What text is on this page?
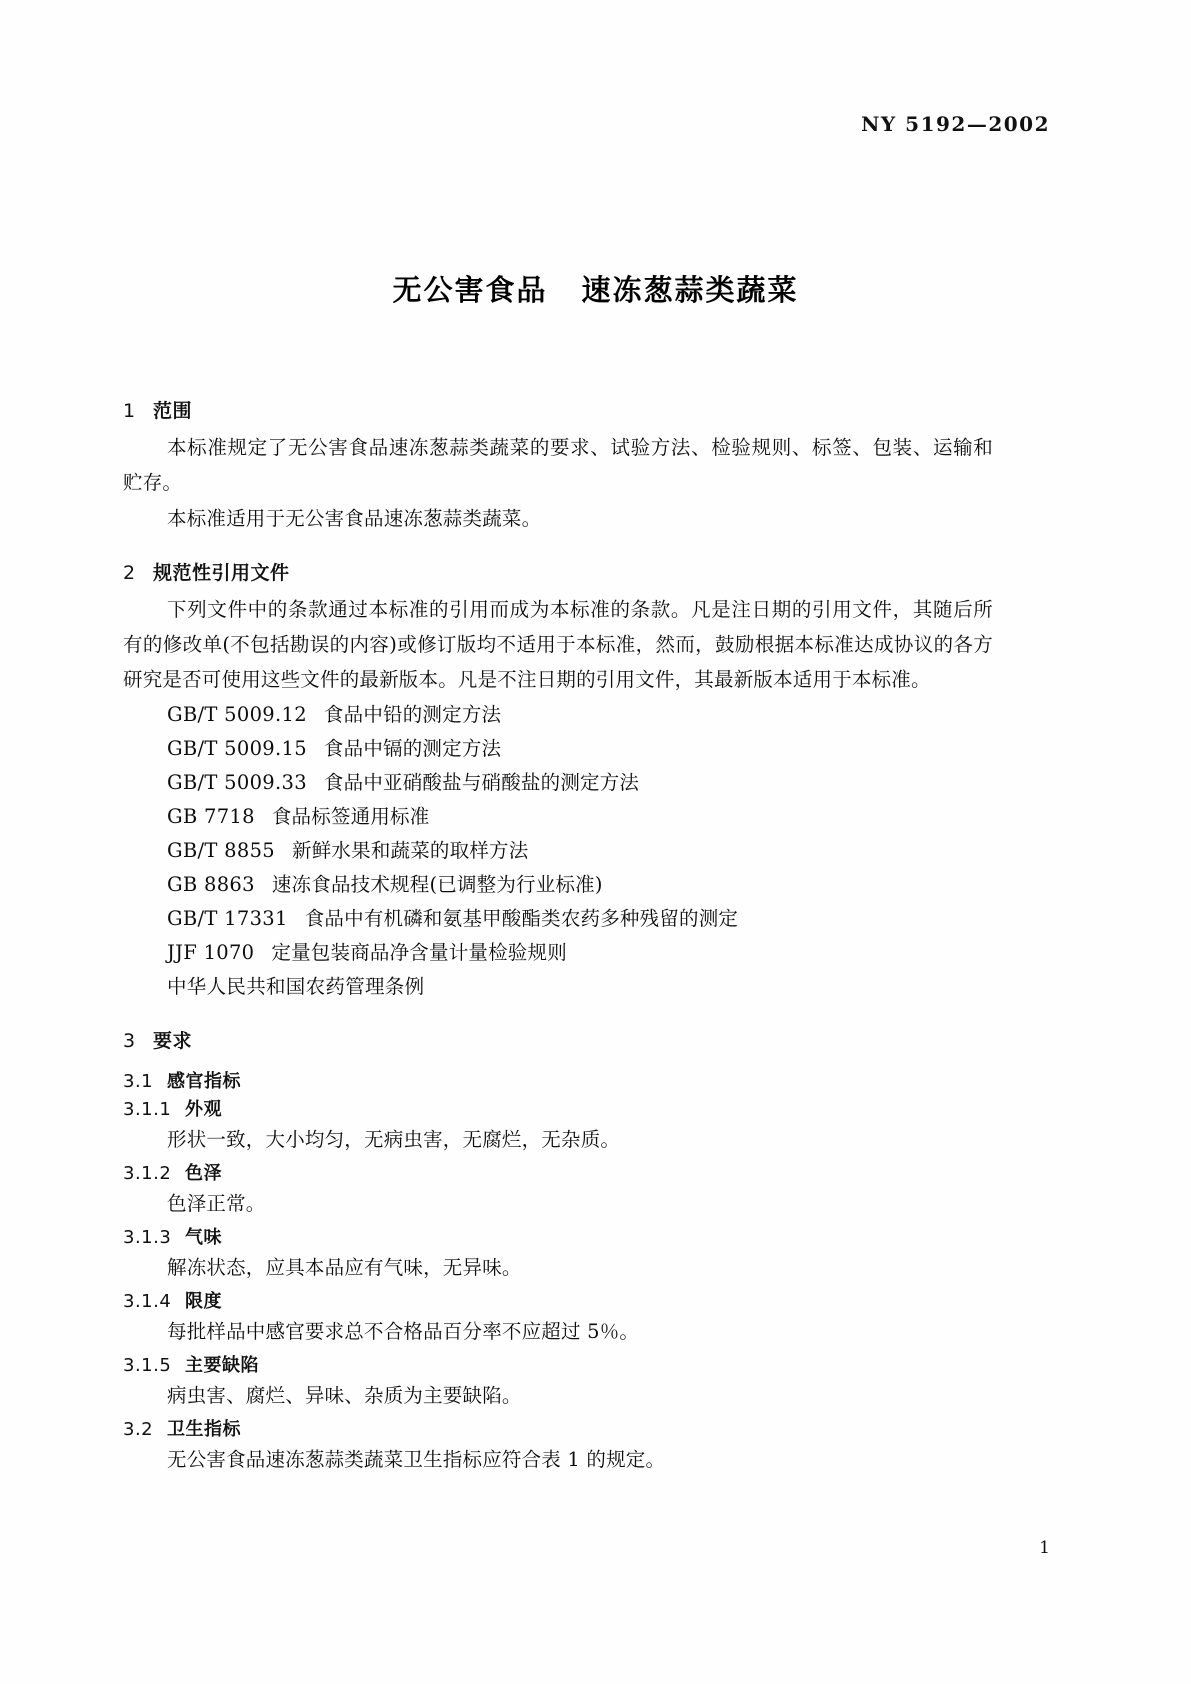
NY 5192—2002
无公害食品 速冻葱蒜类蔬菜
1 范围

本标准规定了无公害食品速冻葱蒜类蔬菜的要求、试验方法、检验规则、标签、包装、运输和贮存。

本标准适用于无公害食品速冻葱蒜类蔬菜。

2 规范性引用文件

下列文件中的条款通过本标准的引用而成为本标准的条款。凡是注日期的引用文件，其随后所有的修改单(不包括勘误的内容)或修订版均不适用于本标准，然而，鼓励根据本标准达成协议的各方研究是否可使用这些文件的最新版本。凡是不注日期的引用文件，其最新版本适用于本标准。

GB/T 5009.12 食品中铅的测定方法
GB/T 5009.15 食品中镉的测定方法
GB/T 5009.33 食品中亚硝酸盐与硝酸盐的测定方法
GB 7718 食品标签通用标准
GB/T 8855 新鲜水果和蔬菜的取样方法
GB 8863 速冻食品技术规程(已调整为行业标准)
GB/T 17331 食品中有机磷和氨基甲酸酯类农药多种残留的测定
JJF 1070 定量包装商品净含量计量检验规则
中华人民共和国农药管理条例
3 要求
3.1 感官指标
3.1.1 外观
形状一致，大小均匀，无病虫害，无腐烂，无杂质。
3.1.2 色泽
色泽正常。
3.1.3 气味
解冻状态，应具本品应有气味，无异味。
3.1.4 限度
每批样品中感官要求总不合格品百分率不应超过 5％。
3.1.5 主要缺陷
病虫害、腐烂、异味、杂质为主要缺陷。
3.2 卫生指标
无公害食品速冻葱蒜类蔬菜卫生指标应符合表 1 的规定。
1
